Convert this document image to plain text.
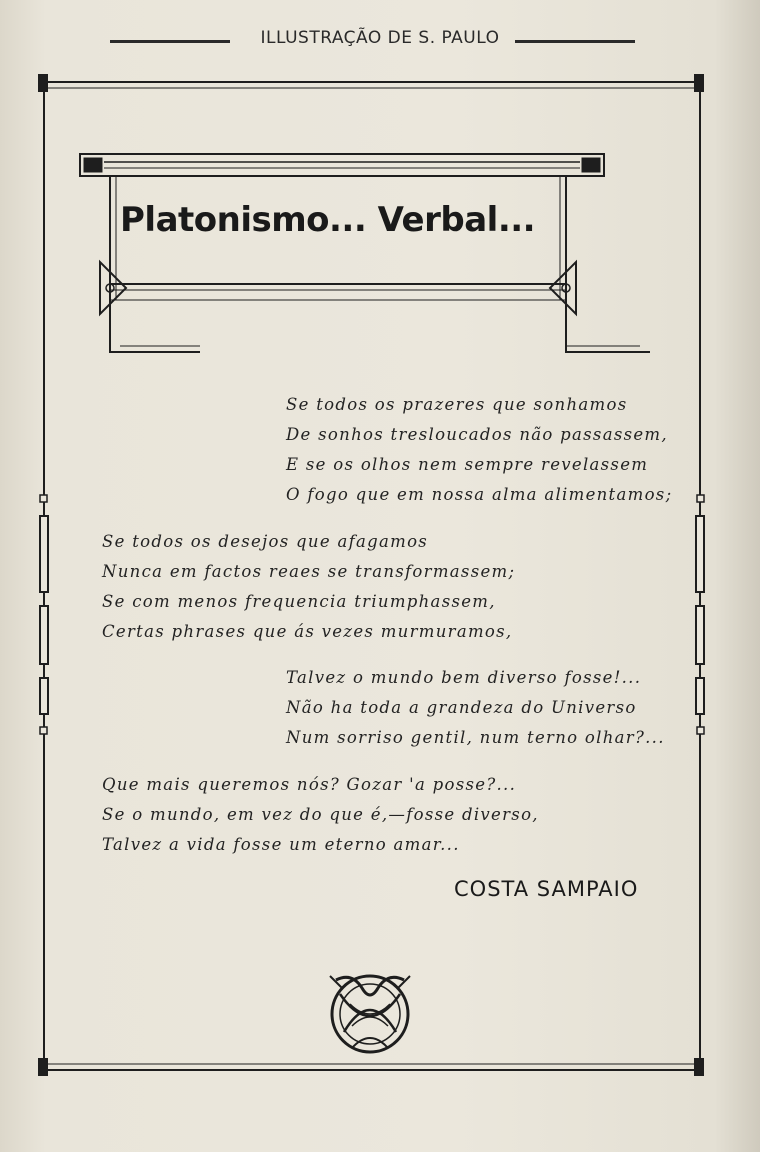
ILLUSTRAÇÃO DE S. PAULO
Platonismo... Verbal...
Se todos os prazeres que sonhamos
De sonhos tresloucados não passassem,
E se os olhos nem sempre revelassem
O fogo que em nossa alma alimentamos;
Se todos os desejos que afagamos
Nunca em factos reaes se transformassem;
Se com menos frequencia triumphassem,
Certas phrases que ás vezes murmuramos,
Talvez o mundo bem diverso fosse!...
Não ha toda a grandeza do Universo
Num sorriso gentil, num terno olhar?...
Que mais queremos nós? Gozar 'a posse?...
Se o mundo, em vez do que é,—fosse diverso,
Talvez a vida fosse um eterno amar...
COSTA SAMPAIO
